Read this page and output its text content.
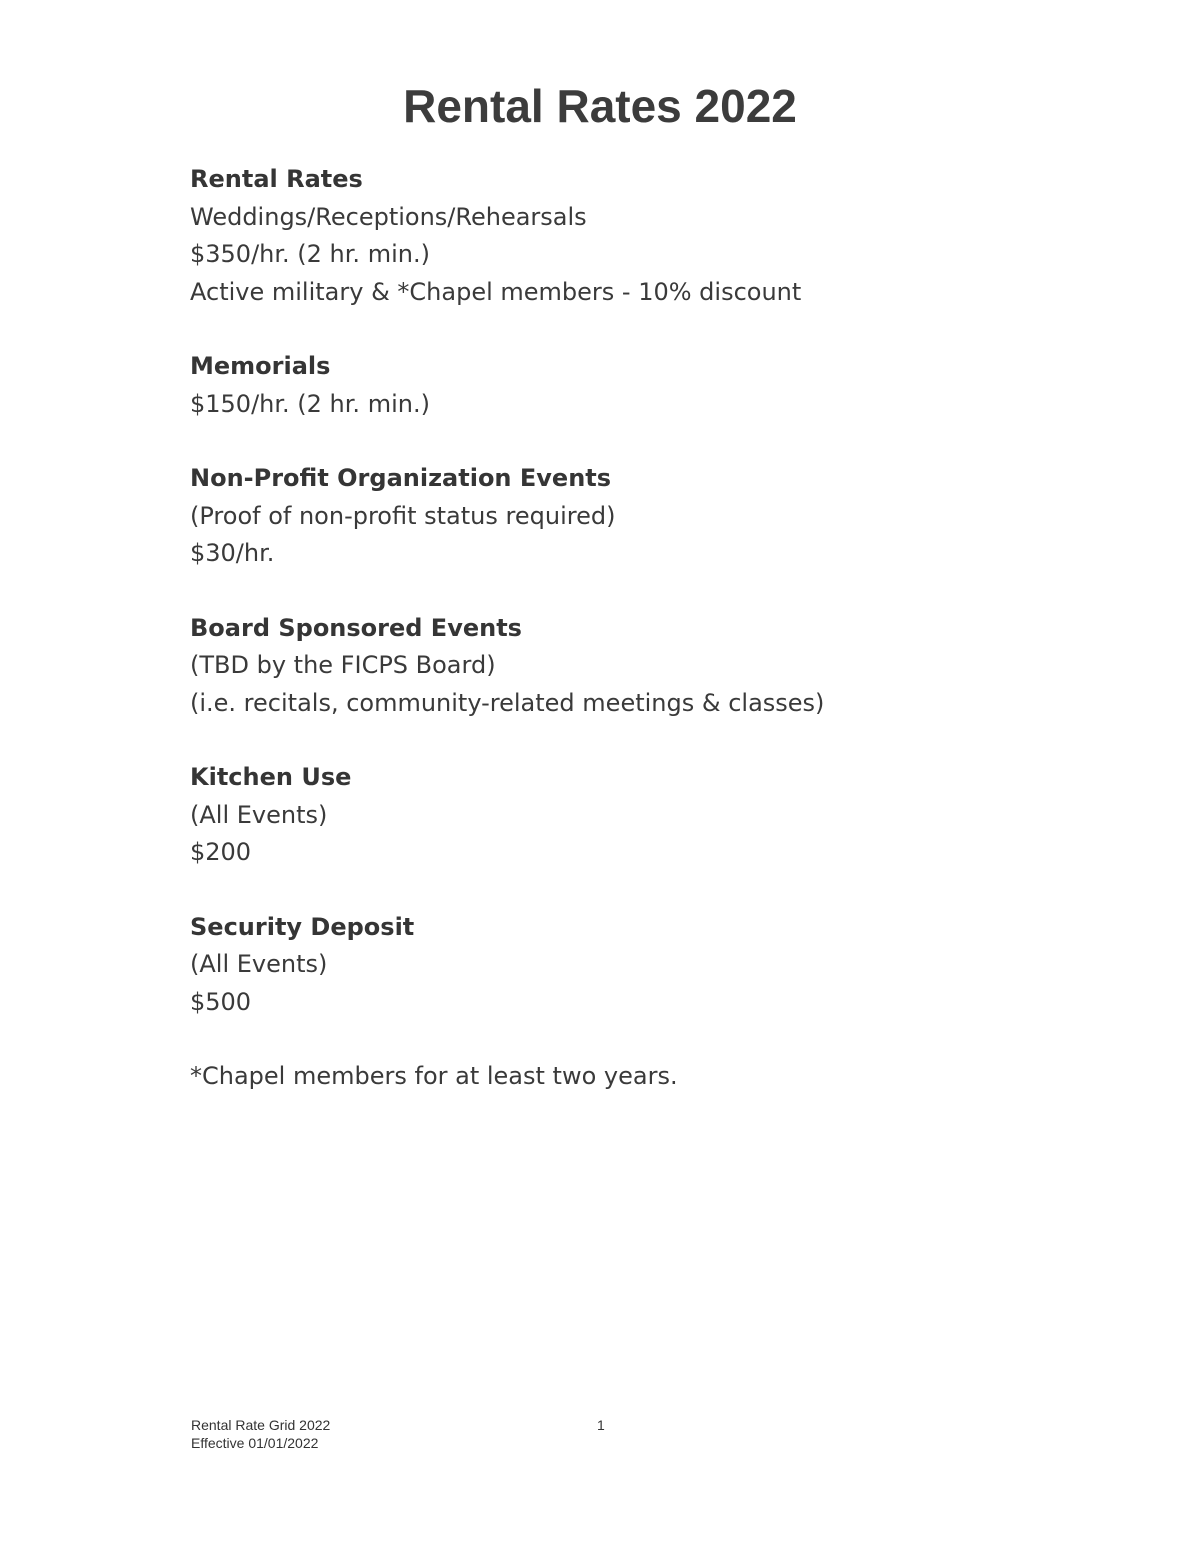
Rental Rates 2022
Rental Rates
Weddings/Receptions/Rehearsals
$350/hr. (2 hr. min.)
Active military & *Chapel members - 10% discount
Memorials
$150/hr. (2 hr. min.)
Non-Profit Organization Events
(Proof of non-profit status required)
$30/hr.
Board Sponsored Events
(TBD by the FICPS Board)
(i.e. recitals, community-related meetings & classes)
Kitchen Use
(All Events)
$200
Security Deposit
(All Events)
$500
*Chapel members for at least two years.
Rental Rate Grid 2022
Effective 01/01/2022
1
